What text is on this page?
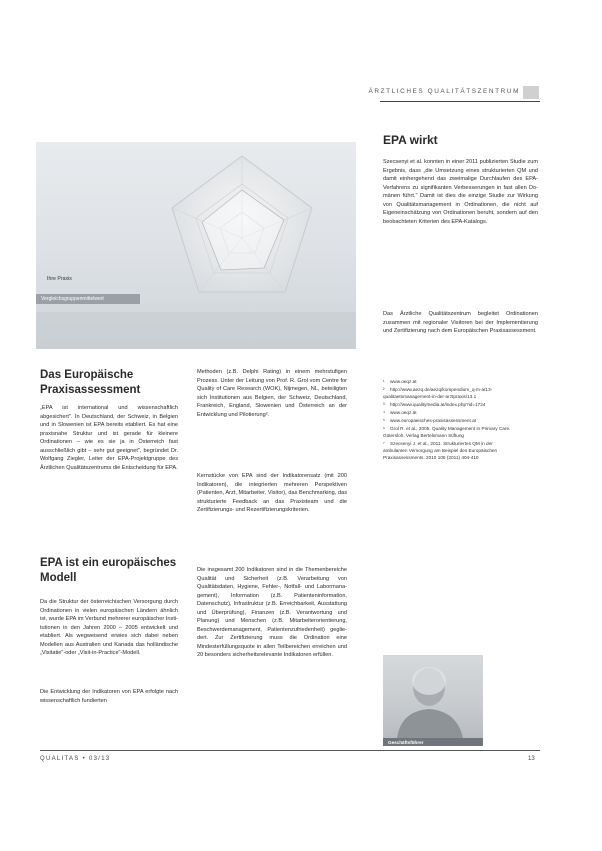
ÄRZTLICHES QUALITÄTSZENTRUM
Ihre Praxis
Vergleichsgruppenmittelwert
Das Europäische Praxisassessment

„EPA ist international und wissenschaftlich abgesichert". In Deutschland, der Schweiz, in Belgien und in Slowenien ist EPA bereits etabliert. Es hat eine praxisnahe Struktur und ist gerade für kleinere Ordinationen – wie es sie ja in Österreich fast ausschließlich gibt – sehr gut geeignet", begründet Dr. Wolfgang Ziegler, Leiter der EPA-Projektgruppe des Ärztlichen Qualitätszentrums die Entscheidung für EPA.

EPA ist ein europäisches Modell

Da die Struktur der österreichischen Versorgung durch Ordinationen in vielen europäischen Ländern ähnlich ist, wurde EPA im Verbund mehrerer europäischer Institutionen in den Jahren 2000 – 2005 entwickelt und etabliert. Als wegweisend erwies sich dabei neben Modellen aus Australien und Kanada das holländische „Visitatie"-oder „Visit-in-Practice"-Modell.

Die Entwicklung der Indikatoren von EPA erfolgte nach wissenschaftlich fundierten

Methoden (z.B. Delphi Rating) in einem mehrstufigen Prozess. Unter der Leitung von Prof. R. Grol vom Centre for Quality of Care Research (WOK), Nijmegen, NL, beteiligten sich Institutionen aus Belgien, der Schweiz, Deutschland, Frankreich, England, Slowenien und Österreich an der Entwicklung und Pilotierung².

Kernstücke von EPA sind der Indikatorensatz (mit 200 Indikatoren), die integrierten mehreren Perspektiven (Patienten, Arzt, Mitarbeiter, Visitor), das Benchmarking, das strukturierte Feedback an das Praxisteam und die Zertifizierungs- und Rezertifizierungskriterien.

Die insgesamt 200 Indikatoren sind in die Themenbereiche Qualität und Sicherheit (z.B. Verarbeitung von Qualitätsdaten, Hygiene, Fehler-, Notfall- und Labormanagement), Information (z.B. Patienteninformation, Datenschutz), Infrastruktur (z.B. Erreichbarkeit, Ausstattung und Überprüfung), Finanzen (z.B. Verantwortung und Planung) und Menschen (z.B. Mitarbeiterorientierung, Beschwerdemanagement, Patientenzufriedenheit) gegliedert. Zur Zertifizierung muss die Ordination eine Mindesterfüllungsquote in allen Teilbereichen erreichen und 20 besonders sicherheitsrelevante Indikatoren erfüllen.

EPA wirkt

Szecsenyi et al. konnten in einer 2011 publizierten Studie zum Ergebnis, dass „die Umsetzung eines strukturierten QM und damit einhergehend das zweimalige Durchlaufen des EPA-Verfahrens zu signifikanten Verbesserungen in fast allen Domänen führt." Damit ist dies die einzige Studie zur Wirkung von Qualitätsmanagement in Ordinationen, die nicht auf Eigeneinschätzung von Ordinationen beruht, sondern auf den beobachteten Kriterien des EPA-Katalogs.

Das Ärztliche Qualitätszentrum begleitet Ordinationen zusammen mit regionaler Visitoren bei der Implementierung und Zertifizierung nach dem Europäischen Praxisassessment.

¹ www.oeqz.at
² http://www.aezq.de/aezq/kompendium_q-m-a/13-qualitaetsmanagement-in-der-arztpraxis/13.1
³ http://www.qualitymedia.at/index.php?id=1724
⁴ www.oeqz.at
⁵ www.europaeisches-praxisassessment.at
⁶ Grol R. et al., 2005. Quality Management in Primary Care. Gütersloh, Verlag Bertelsmann Stiftung
⁷ Szecsenyi J. et al., 2011. Strukturiertes QM in der ambulanten Versorgung am Beispiel des Europäischen Praxisassessments. 2010 105 (2011) 404-410
Geschäftsführer
QUALITAS • 03/13	13
